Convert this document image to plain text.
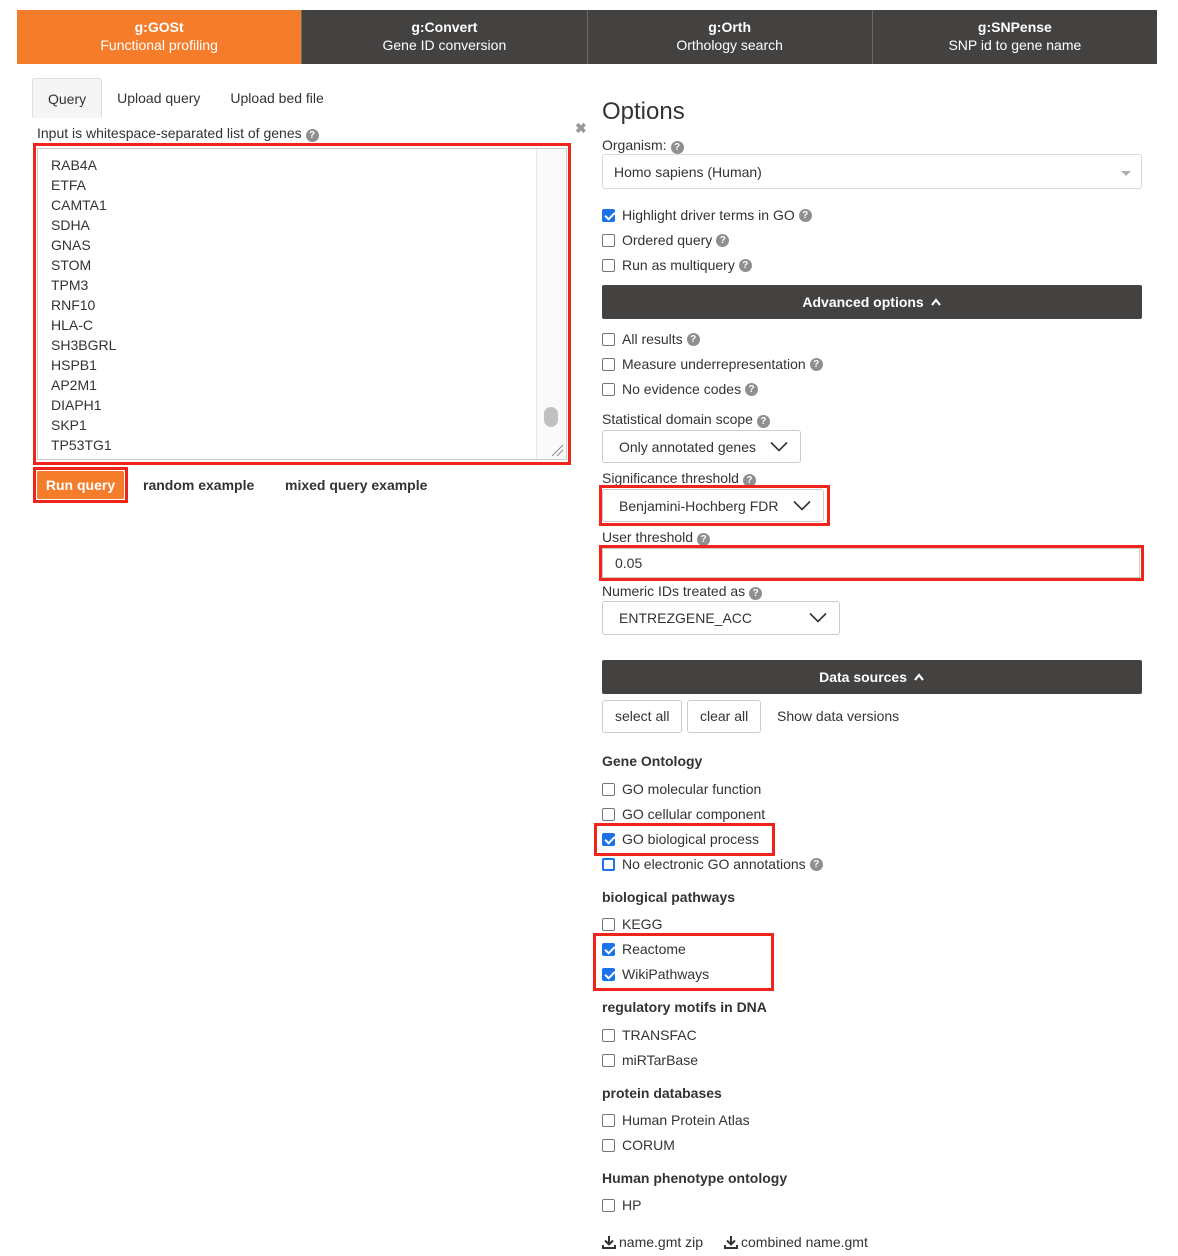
g:GOSt
Functional profiling
g:Convert
Gene ID conversion
g:Orth
Orthology search
g:SNPense
SNP id to gene name
Query	Upload query	Upload bed file
Input is whitespace-separated list of genes ?	✖
RAB4A
ETFA
CAMTA1
SDHA
GNAS
STOM
TPM3
RNF10
HLA-C
SH3BGRL
HSPB1
AP2M1
DIAPH1
SKP1
TP53TG1
Run query	random example mixed query example
Options
Organism: ?
Homo sapiens (Human)
Highlight driver terms in GO ?
Ordered query ?
Run as multiquery ?
Advanced options
All results ?
Measure underrepresentation ?
No evidence codes ?
Statistical domain scope ?
Only annotated genes
Significance threshold ?
Benjamini-Hochberg FDR
User threshold ?
0.05
Numeric IDs treated as ?
ENTREZGENE_ACC
Data sources
select all	clear all	Show data versions
Gene Ontology
GO molecular function
GO cellular component
GO biological process
No electronic GO annotations ?
biological pathways
KEGG
Reactome
WikiPathways
regulatory motifs in DNA
TRANSFAC
miRTarBase
protein databases
Human Protein Atlas
CORUM
Human phenotype ontology
HP
name.gmt zip	combined name.gmt
